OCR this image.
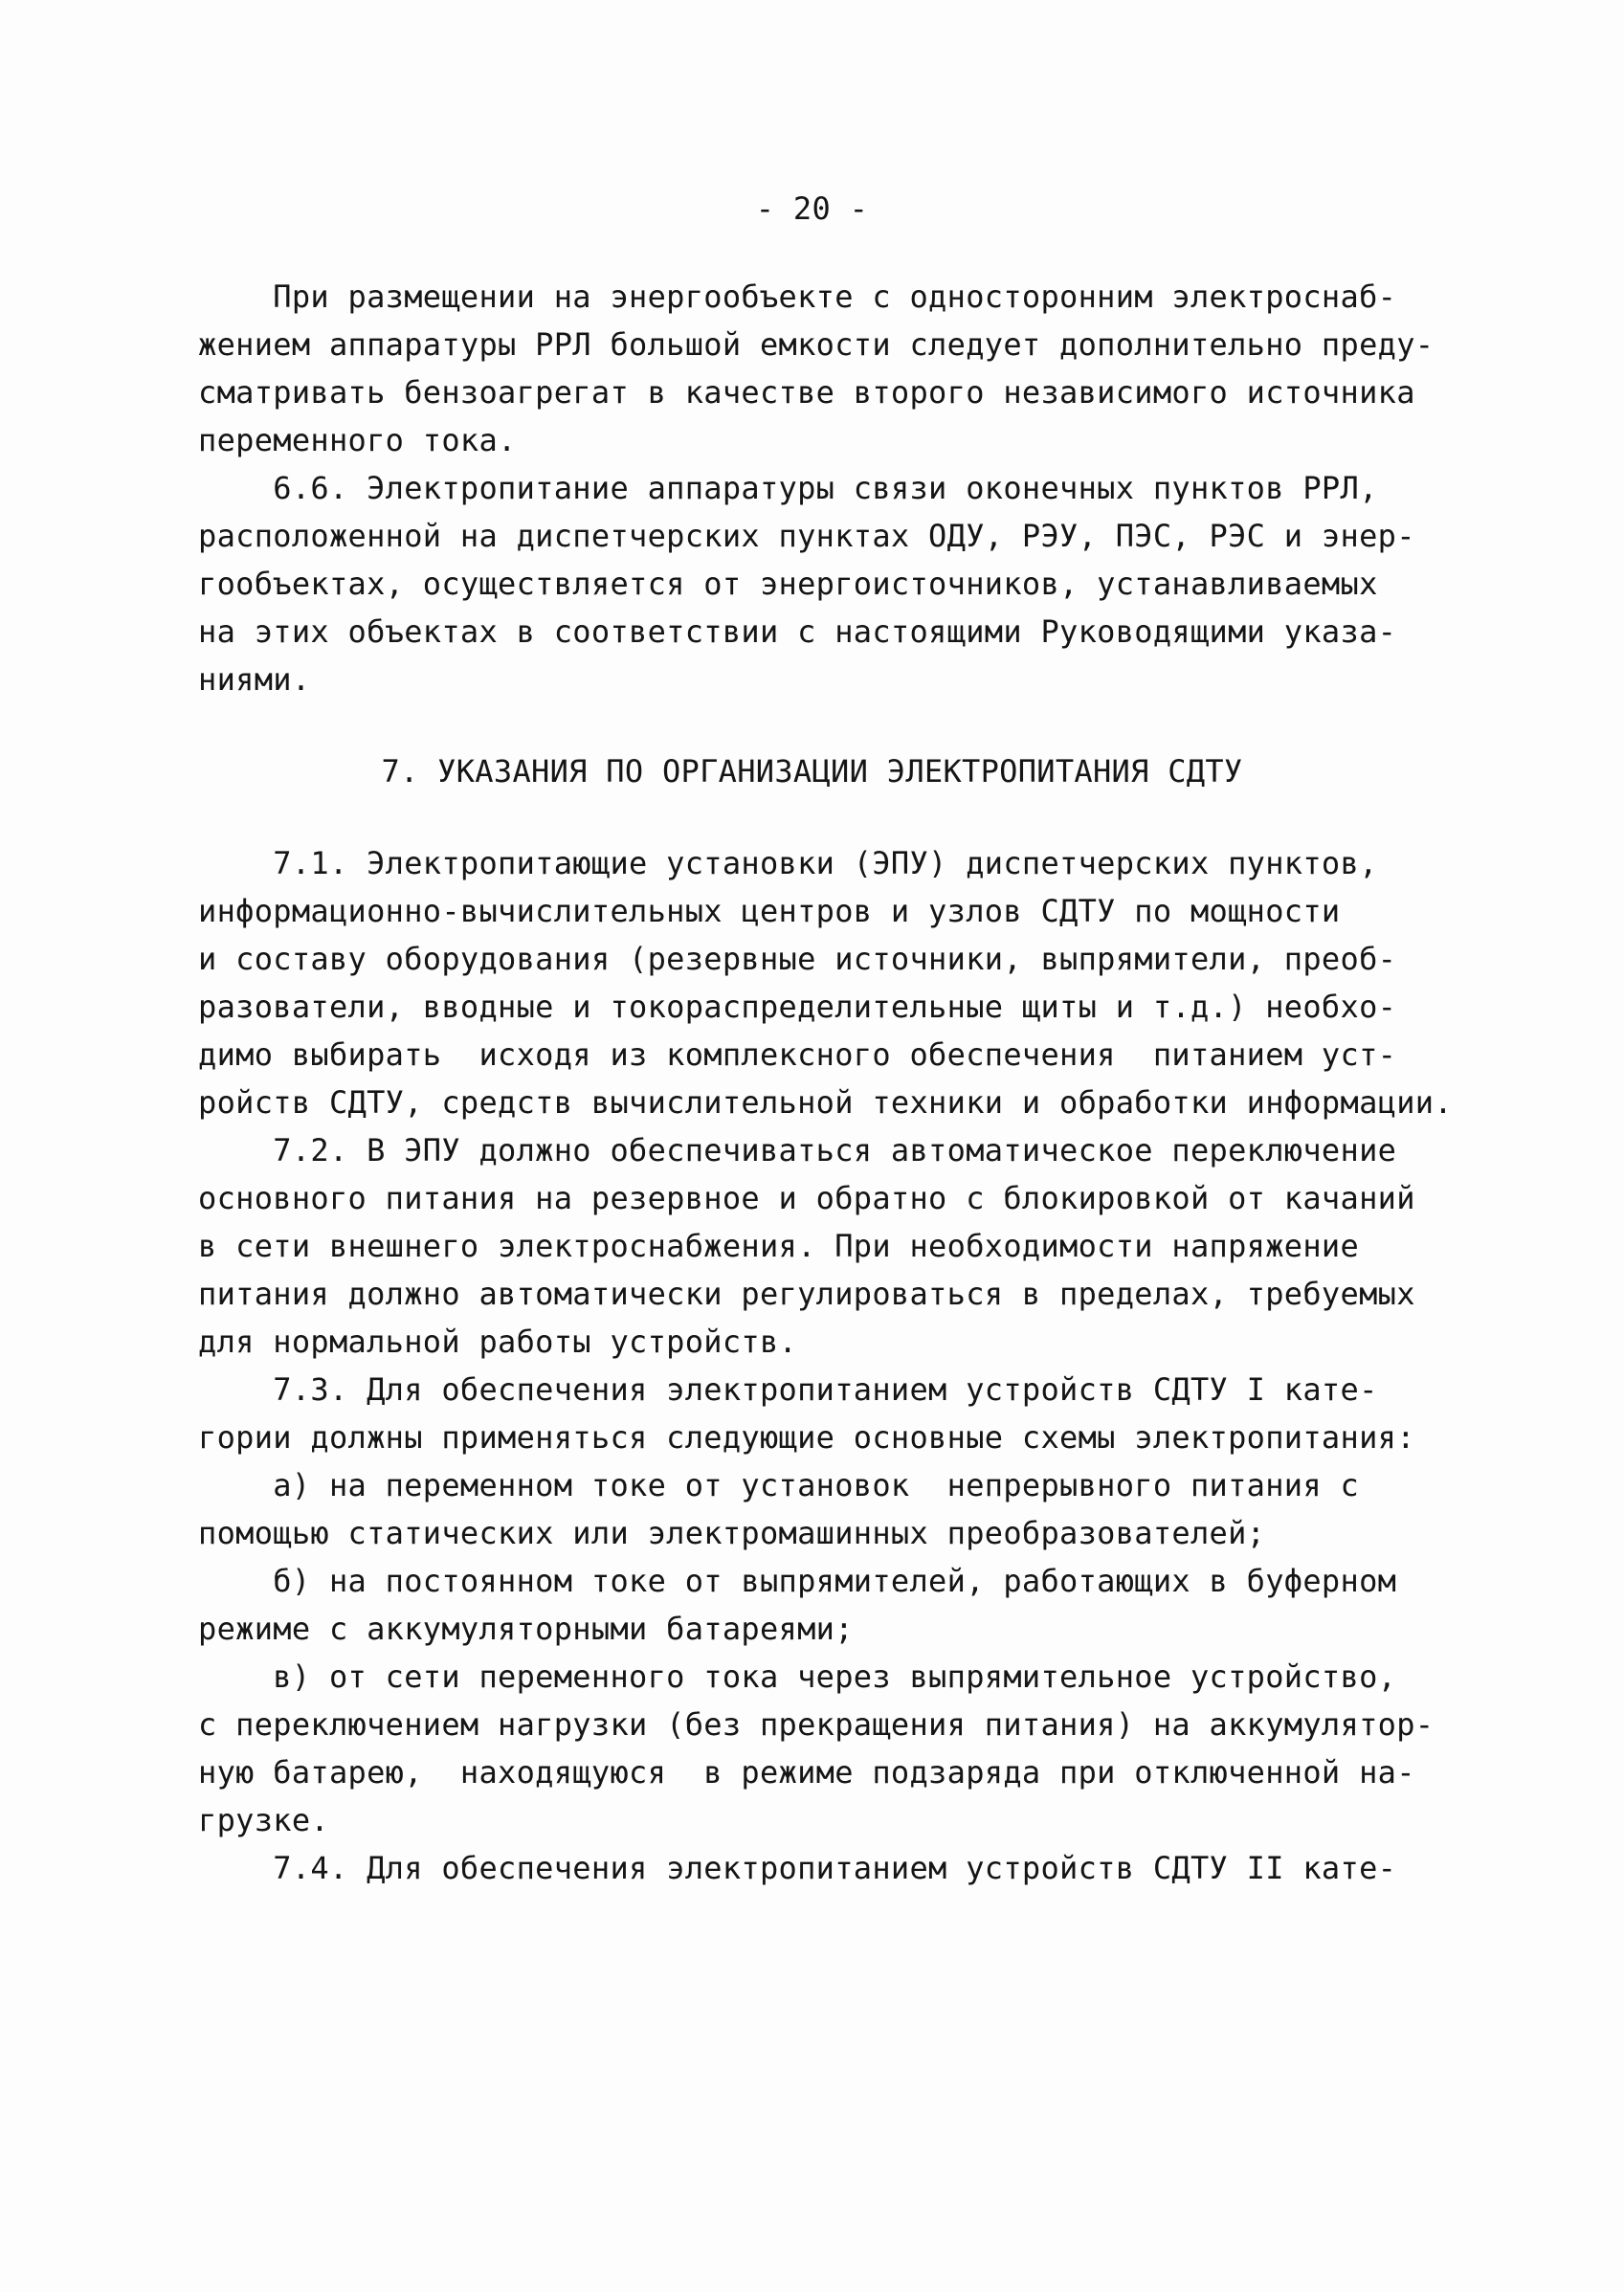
- 20 -
При размещении на энергообъекте с односторонним электроснаб-
жением аппаратуры РРЛ большой емкости следует дополнительно преду-
сматривать бензоагрегат в качестве второго независимого источника
переменного тока.
6.6. Электропитание аппаратуры связи оконечных пунктов РРЛ,
расположенной на диспетчерских пунктах ОДУ, РЭУ, ПЭС, РЭС и энер-
гообъектах, осуществляется от энергоисточников, устанавливаемых
на этих объектах в соответствии с настоящими Руководящими указа-
ниями.
7. УКАЗАНИЯ ПО ОРГАНИЗАЦИИ ЭЛЕКТРОПИТАНИЯ СДТУ
7.1. Электропитающие установки (ЭПУ) диспетчерских пунктов,
информационно-вычислительных центров и узлов СДТУ по мощности
и составу оборудования (резервные источники, выпрямители, преоб-
разователи, вводные и токораспределительные щиты и т.д.) необхо-
димо выбирать  исходя из комплексного обеспечения  питанием уст-
ройств СДТУ, средств вычислительной техники и обработки информации.
7.2. В ЭПУ должно обеспечиваться автоматическое переключение
основного питания на резервное и обратно с блокировкой от качаний
в сети внешнего электроснабжения. При необходимости напряжение
питания должно автоматически регулироваться в пределах, требуемых
для нормальной работы устройств.
7.3. Для обеспечения электропитанием устройств СДТУ I кате-
гории должны применяться следующие основные схемы электропитания:
а) на переменном токе от установок  непрерывного питания с
помощью статических или электромашинных преобразователей;
б) на постоянном токе от выпрямителей, работающих в буферном
режиме с аккумуляторными батареями;
в) от сети переменного тока через выпрямительное устройство,
с переключением нагрузки (без прекращения питания) на аккумулятор-
ную батарею,  находящуюся  в режиме подзаряда при отключенной на-
грузке.
7.4. Для обеспечения электропитанием устройств СДТУ II кате-
